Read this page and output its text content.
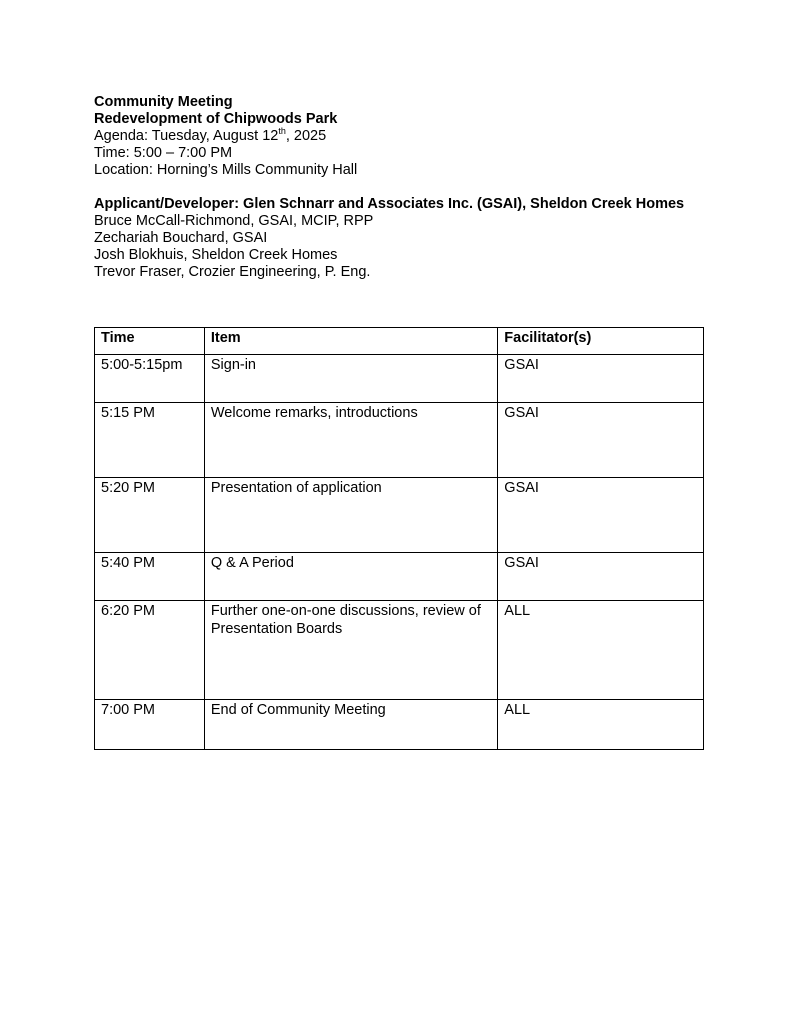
Community Meeting
Redevelopment of Chipwoods Park
Agenda: Tuesday, August 12th, 2025
Time: 5:00 – 7:00 PM
Location: Horning’s Mills Community Hall
Applicant/Developer: Glen Schnarr and Associates Inc. (GSAI), Sheldon Creek Homes
Bruce McCall-Richmond, GSAI, MCIP, RPP
Zechariah Bouchard, GSAI
Josh Blokhuis, Sheldon Creek Homes
Trevor Fraser, Crozier Engineering, P. Eng.
Time	Item	Facilitator(s)
5:00-5:15pm	Sign-in	GSAI
5:15 PM	Welcome remarks, introductions	GSAI
5:20 PM	Presentation of application	GSAI
5:40 PM	Q & A Period	GSAI
6:20 PM	Further one-on-one discussions, review of Presentation Boards	ALL
7:00 PM	End of Community Meeting	ALL
